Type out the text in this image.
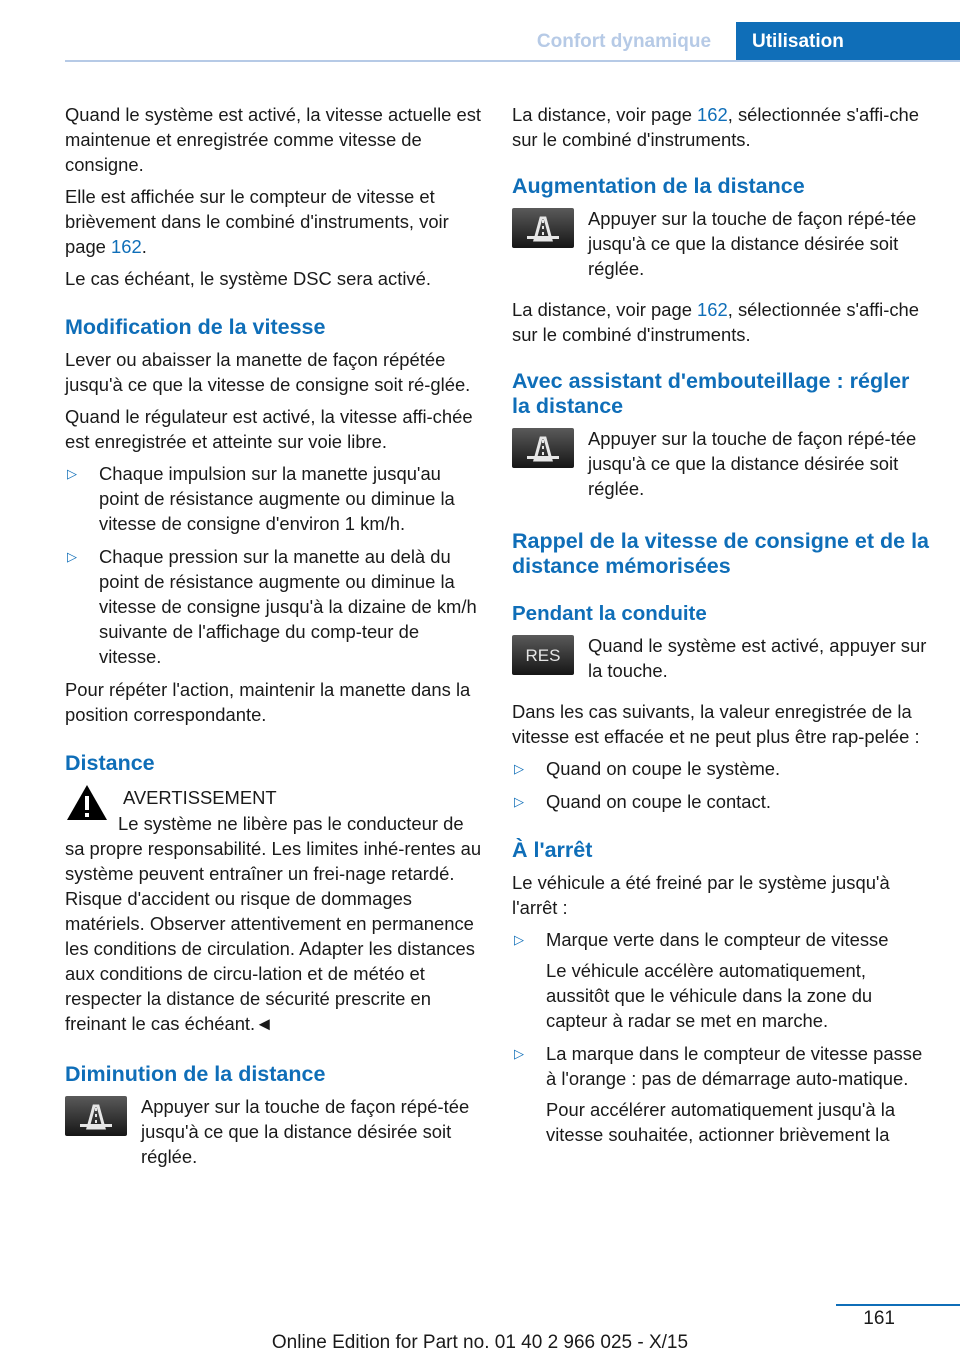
Confort dynamique	Utilisation

Quand le système est activé, la vitesse actuelle est maintenue et enregistrée comme vitesse de consigne.

Elle est affichée sur le compteur de vitesse et brièvement dans le combiné d'instruments, voir page 162.

Le cas échéant, le système DSC sera activé.

Modification de la vitesse

Lever ou abaisser la manette de façon répétée jusqu'à ce que la vitesse de consigne soit ré‐glée.

Quand le régulateur est activé, la vitesse affi‐chée est enregistrée et atteinte sur voie libre.

▷ Chaque impulsion sur la manette jusqu'au point de résistance augmente ou diminue la vitesse de consigne d'environ 1 km/h.
▷ Chaque pression sur la manette au delà du point de résistance augmente ou diminue la vitesse de consigne jusqu'à la dizaine de km/h suivante de l'affichage du comp‐teur de vitesse.

Pour répéter l'action, maintenir la manette dans la position correspondante.

Distance
AVERTISSEMENT

Le système ne libère pas le conducteur de sa propre responsabilité. Les limites inhé‐rentes au système peuvent entraîner un frei‐nage retardé. Risque d'accident ou risque de dommages matériels. Observer attentivement en permanence les conditions de circulation. Adapter les distances aux conditions de circu‐lation et de météo et respecter la distance de sécurité prescrite en freinant le cas échéant.◄

Diminution de la distance
Appuyer sur la touche de façon répé‐tée jusqu'à ce que la distance désirée soit réglée.

La distance, voir page 162, sélectionnée s'affi‐che sur le combiné d'instruments.

Augmentation de la distance
Appuyer sur la touche de façon répé‐tée jusqu'à ce que la distance désirée soit réglée.

La distance, voir page 162, sélectionnée s'affi‐che sur le combiné d'instruments.

Avec assistant d'embouteillage : régler la distance
Appuyer sur la touche de façon répé‐tée jusqu'à ce que la distance désirée soit réglée.
Rappel de la vitesse de consigne et de la distance mémorisées
Pendant la conduite
RES Quand le système est activé, appuyer sur la touche.

Dans les cas suivants, la valeur enregistrée de la vitesse est effacée et ne peut plus être rap‐pelée :

▷ Quand on coupe le système.
▷ Quand on coupe le contact.
À l'arrêt

Le véhicule a été freiné par le système jusqu'à l'arrêt :

▷ Marque verte dans le compteur de vitesse
Le véhicule accélère automatiquement, aussitôt que le véhicule dans la zone du capteur à radar se met en marche.
▷ La marque dans le compteur de vitesse passe à l'orange : pas de démarrage auto‐matique.
Pour accélérer automatiquement jusqu'à la vitesse souhaitée, actionner brièvement la
161
Online Edition for Part no. 01 40 2 966 025 - X/15
